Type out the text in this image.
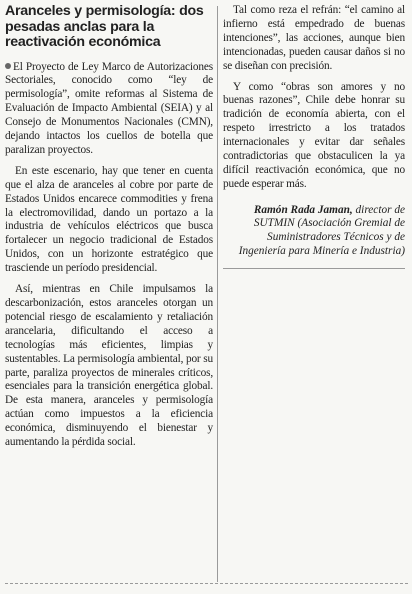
Aranceles y permisología: dos pesadas anclas para la reactivación económica

El Proyecto de Ley Marco de Autorizaciones Sectoriales, conocido como “ley de permisología”, omite reformas al Sistema de Evaluación de Impacto Ambiental (SEIA) y al Consejo de Monumentos Nacionales (CMN), dejando intactos los cuellos de botella que paralizan proyectos.

En este escenario, hay que tener en cuenta que el alza de aranceles al cobre por parte de Estados Unidos encarece commodities y frena la electromovilidad, dando un portazo a la industria de vehículos eléctricos que busca fortalecer un negocio tradicional de Estados Unidos, con un horizonte estratégico que trasciende un período presidencial.

Así, mientras en Chile impulsamos la descarbonización, estos aranceles otorgan un potencial riesgo de escalamiento y retaliación arancelaria, dificultando el acceso a tecnologías más eficientes, limpias y sustentables. La permisología ambiental, por su parte, paraliza proyectos de minerales críticos, esenciales para la transición energética global. De esta manera, aranceles y permisología actúan como impuestos a la eficiencia económica, disminuyendo el bienestar y aumentando la pérdida social.

Tal como reza el refrán: “el camino al infierno está empedrado de buenas intenciones”, las acciones, aunque bien intencionadas, pueden causar daños si no se diseñan con precisión.

Y como “obras son amores y no buenas razones”, Chile debe honrar su tradición de economía abierta, con el respeto irrestricto a los tratados internacionales y evitar dar señales contradictorias que obstaculicen la ya difícil reactivación económica, que no puede esperar más.

Ramón Rada Jaman, director de SUTMIN (Asociación Gremial de Suministradores Técnicos y de Ingeniería para Minería e Industria)
